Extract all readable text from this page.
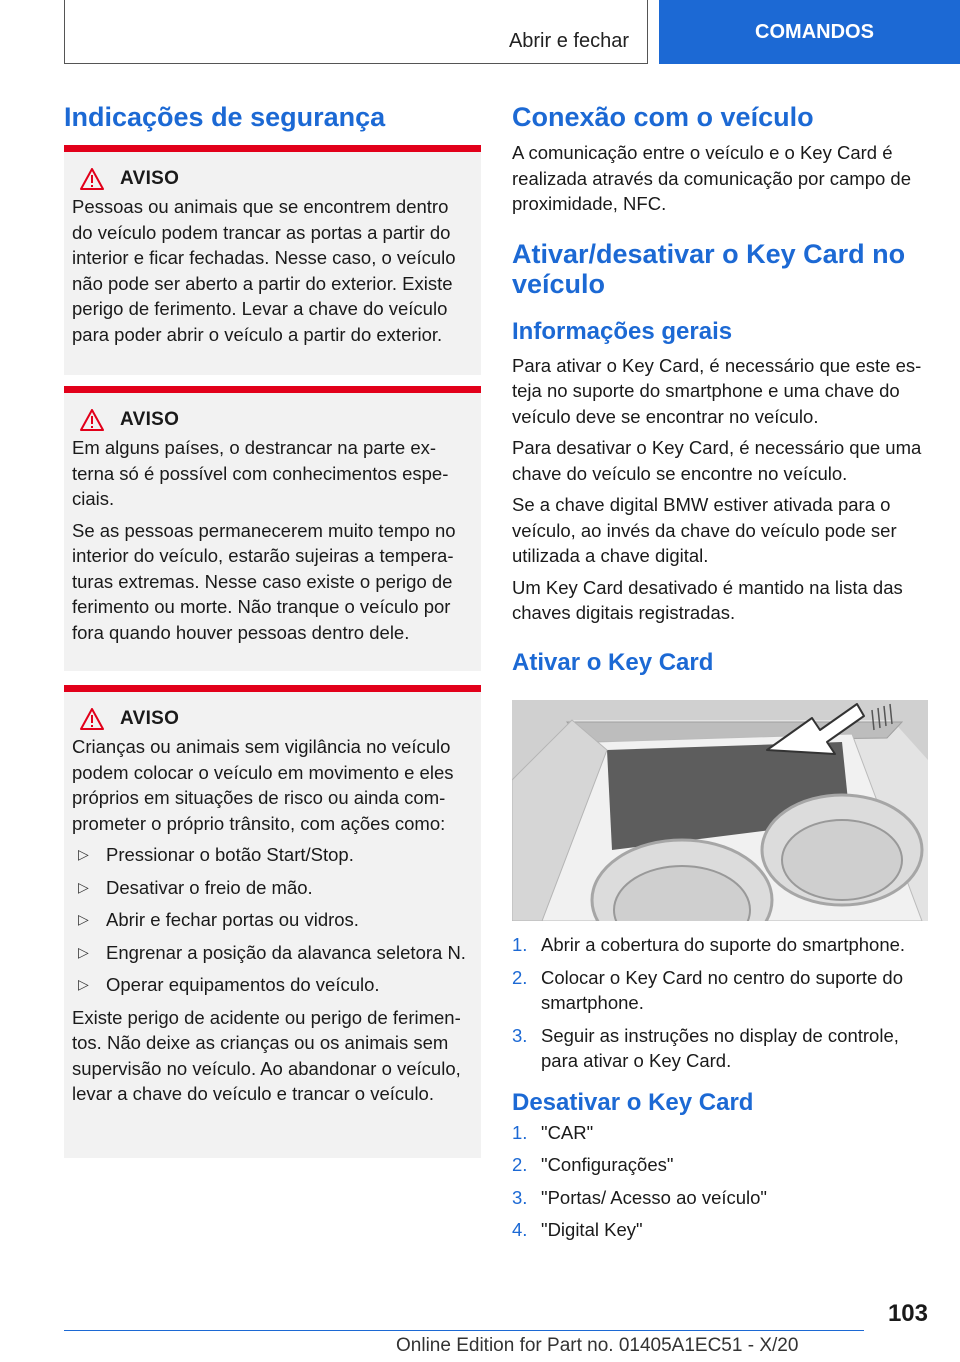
Abrir e fechar	COMANDOS
Indicações de segurança
AVISO

Pessoas ou animais que se encontrem dentro do veículo podem trancar as portas a partir do interior e ficar fechadas. Nesse caso, o veículo não pode ser aberto a partir do exterior. Existe perigo de ferimento. Levar a chave do veículo para poder abrir o veículo a partir do exterior.

AVISO

Em alguns países, o destrancar na parte ex- terna só é possível com conhecimentos espe- ciais.

Se as pessoas permanecerem muito tempo no interior do veículo, estarão sujeiras a tempera- turas extremas. Nesse caso existe o perigo de ferimento ou morte. Não tranque o veículo por fora quando houver pessoas dentro dele.

AVISO

Crianças ou animais sem vigilância no veículo podem colocar o veículo em movimento e eles próprios em situações de risco ou ainda com- prometer o próprio trânsito, com ações como:

▷ Pressionar o botão Start/Stop.
▷ Desativar o freio de mão.
▷ Abrir e fechar portas ou vidros.
▷ Engrenar a posição da alavanca seletora N.
▷ Operar equipamentos do veículo.

Existe perigo de acidente ou perigo de ferimen- tos. Não deixe as crianças ou os animais sem supervisão no veículo. Ao abandonar o veículo, levar a chave do veículo e trancar o veículo.

Conexão com o veículo

A comunicação entre o veículo e o Key Card é realizada através da comunicação por campo de proximidade, NFC.

Ativar/desativar o Key Card no veículo
Informações gerais

Para ativar o Key Card, é necessário que este es- teja no suporte do smartphone e uma chave do veículo deve se encontrar no veículo.

Para desativar o Key Card, é necessário que uma chave do veículo se encontre no veículo.

Se a chave digital BMW estiver ativada para o veículo, ao invés da chave do veículo pode ser utilizada a chave digital.

Um Key Card desativado é mantido na lista das chaves digitais registradas.

Ativar o Key Card
1. Abrir a cobertura do suporte do smartphone.
2. Colocar o Key Card no centro do suporte do smartphone.
3. Seguir as instruções no display de controle, para ativar o Key Card.
Desativar o Key Card
1. "CAR"
2. "Configurações"
3. "Portas/ Acesso ao veículo"
4. "Digital Key"
103
Online Edition for Part no. 01405A1EC51 - X/20
